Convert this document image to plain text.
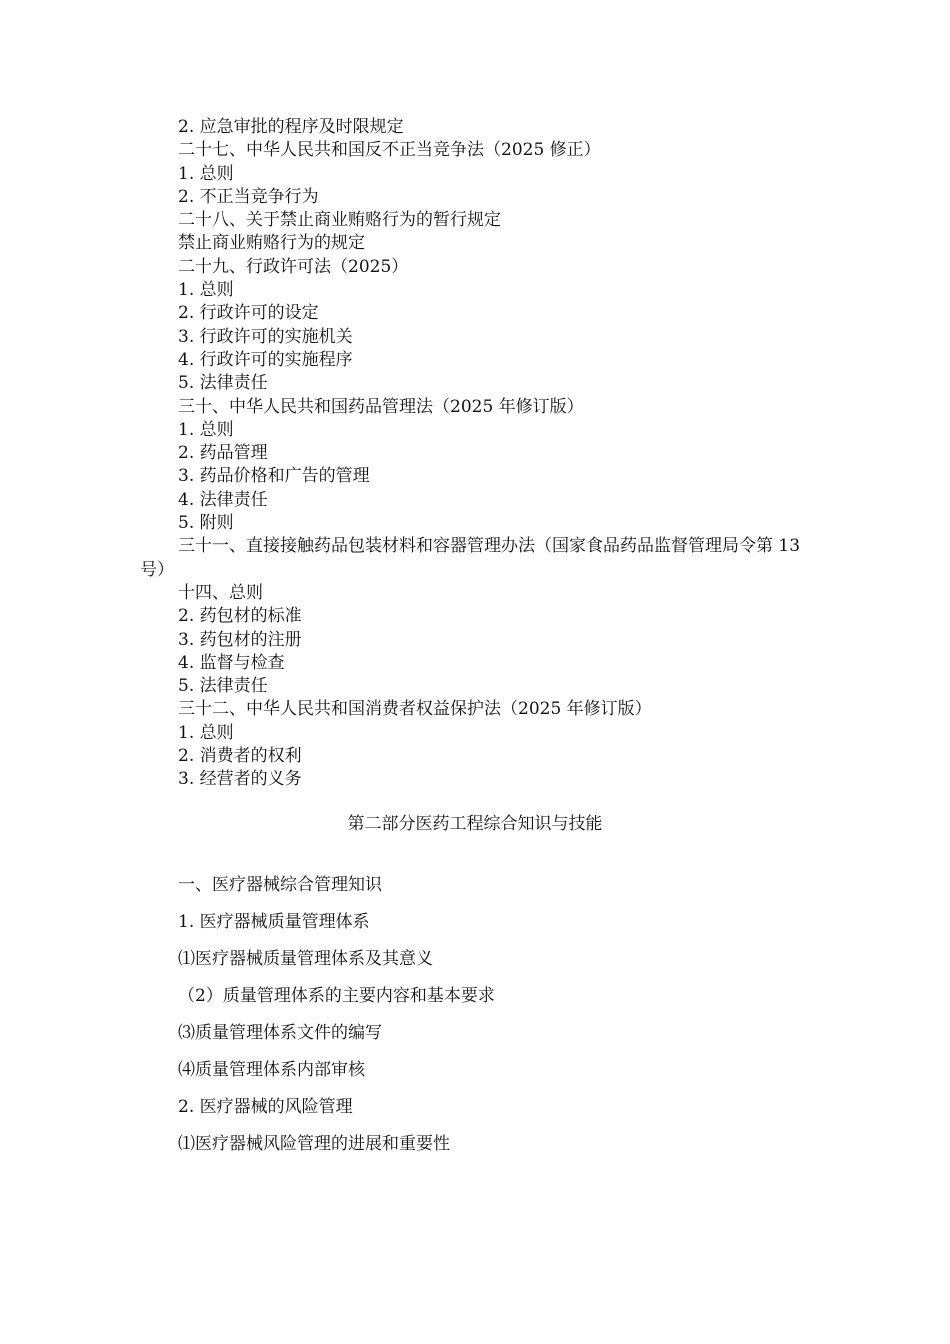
2. 应急审批的程序及时限规定
二十七、中华人民共和国反不正当竞争法（2025 修正）
1. 总则
2. 不正当竞争行为
二十八、关于禁止商业贿赂行为的暂行规定
禁止商业贿赂行为的规定
二十九、行政许可法（2025）
1. 总则
2. 行政许可的设定
3. 行政许可的实施机关
4. 行政许可的实施程序
5. 法律责任
三十、中华人民共和国药品管理法（2025 年修订版）
1. 总则
2. 药品管理
3. 药品价格和广告的管理
4. 法律责任
5. 附则
三十一、直接接触药品包装材料和容器管理办法（国家食品药品监督管理局令第 13 号）
十四、总则
2. 药包材的标准
3. 药包材的注册
4. 监督与检查
5. 法律责任
三十二、中华人民共和国消费者权益保护法（2025 年修订版）
1. 总则
2. 消费者的权利
3. 经营者的义务
第二部分医药工程综合知识与技能
一、医疗器械综合管理知识
1. 医疗器械质量管理体系
⑴医疗器械质量管理体系及其意义
（2）质量管理体系的主要内容和基本要求
⑶质量管理体系文件的编写
⑷质量管理体系内部审核
2. 医疗器械的风险管理
⑴医疗器械风险管理的进展和重要性
